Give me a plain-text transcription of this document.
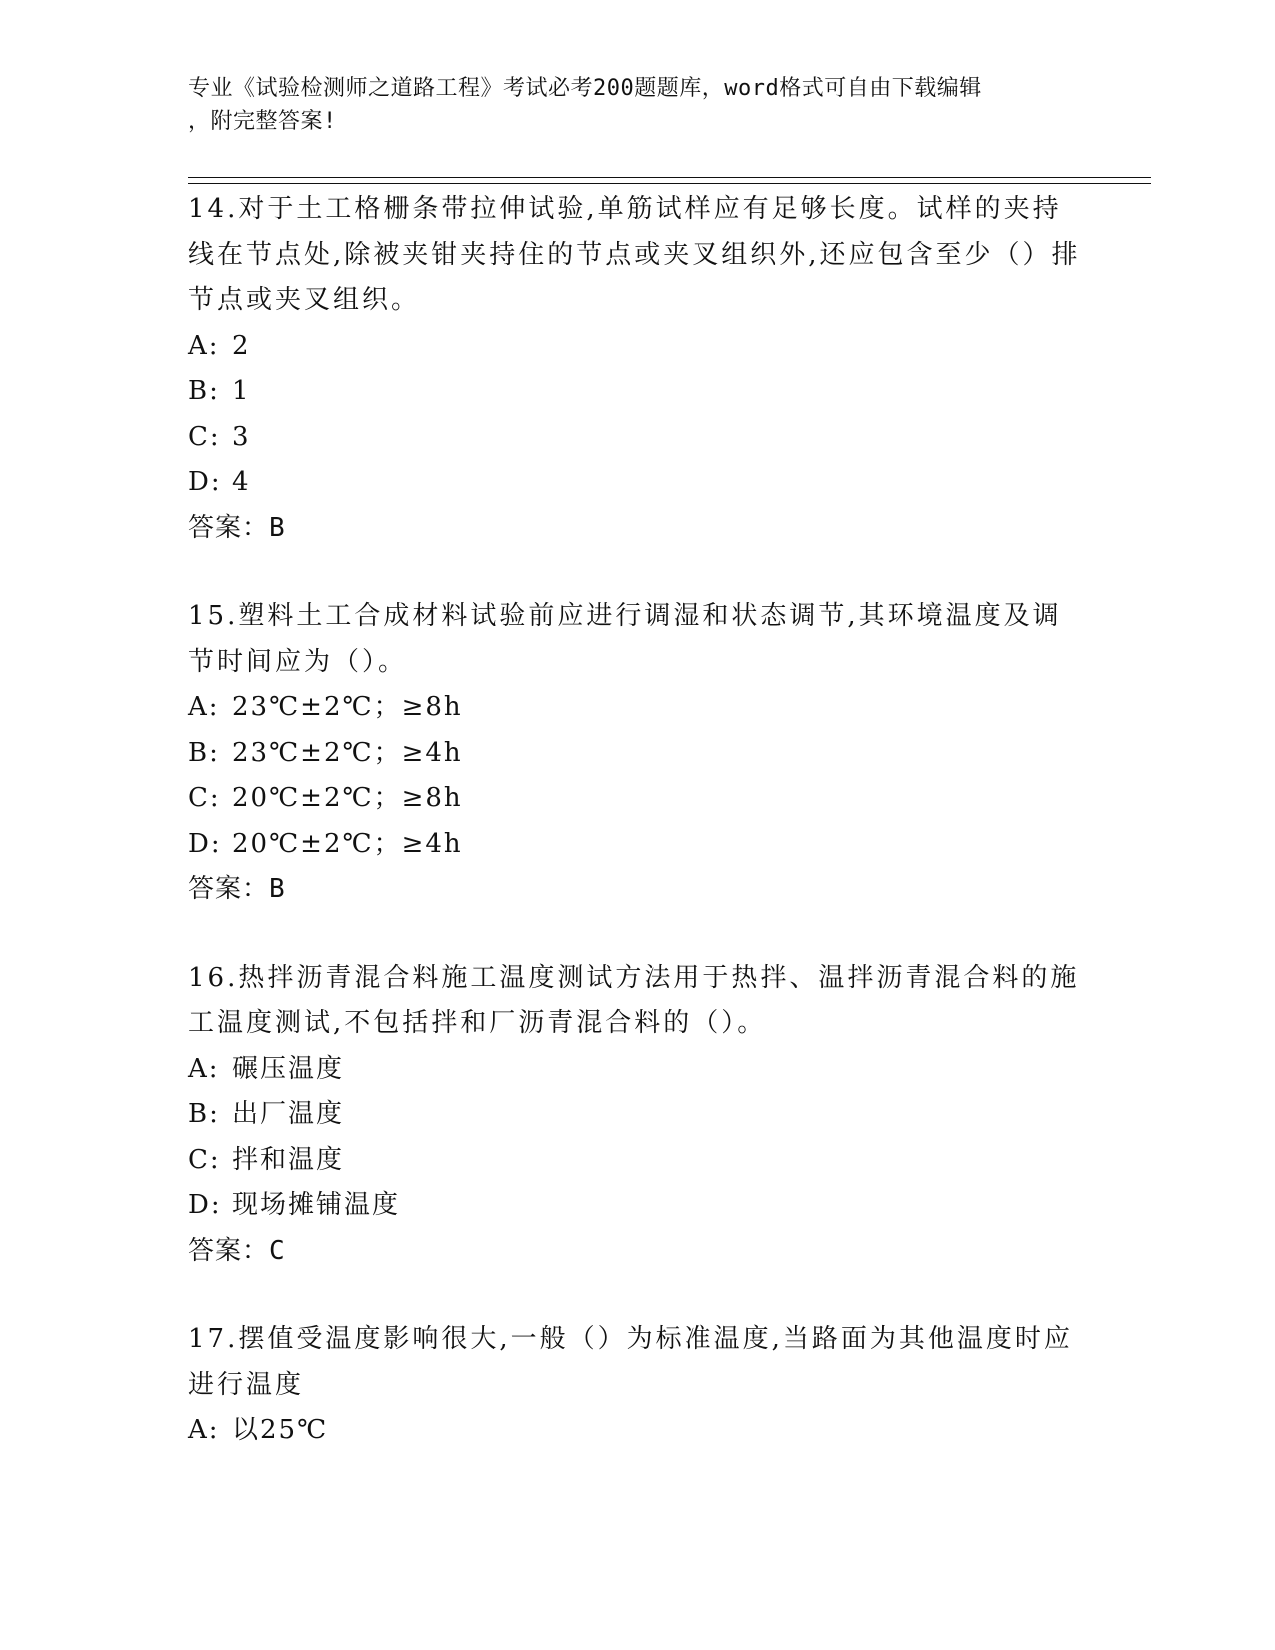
专业《试验检测师之道路工程》考试必考200题题库，word格式可自由下载编辑
，附完整答案!
14.对于土工格栅条带拉伸试验,单筋试样应有足够长度。试样的夹持线在节点处,除被夹钳夹持住的节点或夹叉组织外,还应包含至少（）排节点或夹叉组织。
A: 2
B: 1
C: 3
D: 4
答案：B
15.塑料土工合成材料试验前应进行调湿和状态调节,其环境温度及调节时间应为（）。
A: 23℃±2℃；≥8h
B: 23℃±2℃；≥4h
C: 20℃±2℃；≥8h
D: 20℃±2℃；≥4h
答案：B
16.热拌沥青混合料施工温度测试方法用于热拌、温拌沥青混合料的施工温度测试,不包括拌和厂沥青混合料的（）。
A: 碾压温度
B: 出厂温度
C: 拌和温度
D: 现场摊铺温度
答案：C
17.摆值受温度影响很大,一般（）为标准温度,当路面为其他温度时应进行温度
A: 以25℃
